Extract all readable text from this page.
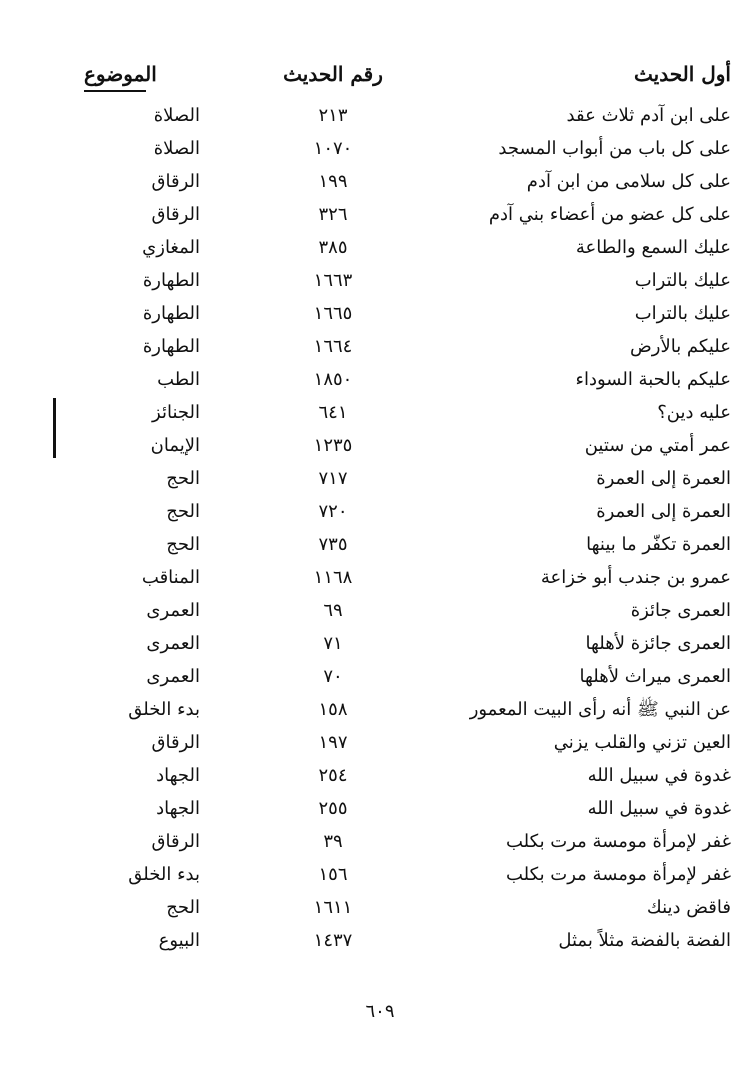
أول الحديث
رقم الحديث
الموضوع
على ابن آدم ثلاث عقد
٢١٣
الصلاة
على كل باب من أبواب المسجد
١٠٧٠
الصلاة
على كل سلامى من ابن آدم
١٩٩
الرقاق
على كل عضو من أعضاء بني آدم
٣٢٦
الرقاق
عليك السمع والطاعة
٣٨٥
المغازي
عليك بالتراب
١٦٦٣
الطهارة
عليك بالتراب
١٦٦٥
الطهارة
عليكم بالأرض
١٦٦٤
الطهارة
عليكم بالحبة السوداء
١٨٥٠
الطب
عليه دين؟
٦٤١
الجنائز
عمر أمتي من ستين
١٢٣٥
الإيمان
العمرة إلى العمرة
٧١٧
الحج
العمرة إلى العمرة
٧٢٠
الحج
العمرة تكفّر ما بينها
٧٣٥
الحج
عمرو بن جندب أبو خزاعة
١١٦٨
المناقب
العمرى جائزة
٦٩
العمرى
العمرى جائزة لأهلها
٧١
العمرى
العمرى ميراث لأهلها
٧٠
العمرى
عن النبي ﷺ أنه رأى البيت المعمور
١٥٨
بدء الخلق
العين تزني والقلب يزني
١٩٧
الرقاق
غدوة في سبيل الله
٢٥٤
الجهاد
غدوة في سبيل الله
٢٥٥
الجهاد
غفر لإمرأة مومسة مرت بكلب
٣٩
الرقاق
غفر لإمرأة مومسة مرت بكلب
١٥٦
بدء الخلق
فاقض دينك
١٦١١
الحج
الفضة بالفضة مثلاً بمثل
١٤٣٧
البيوع
٦٠٩
